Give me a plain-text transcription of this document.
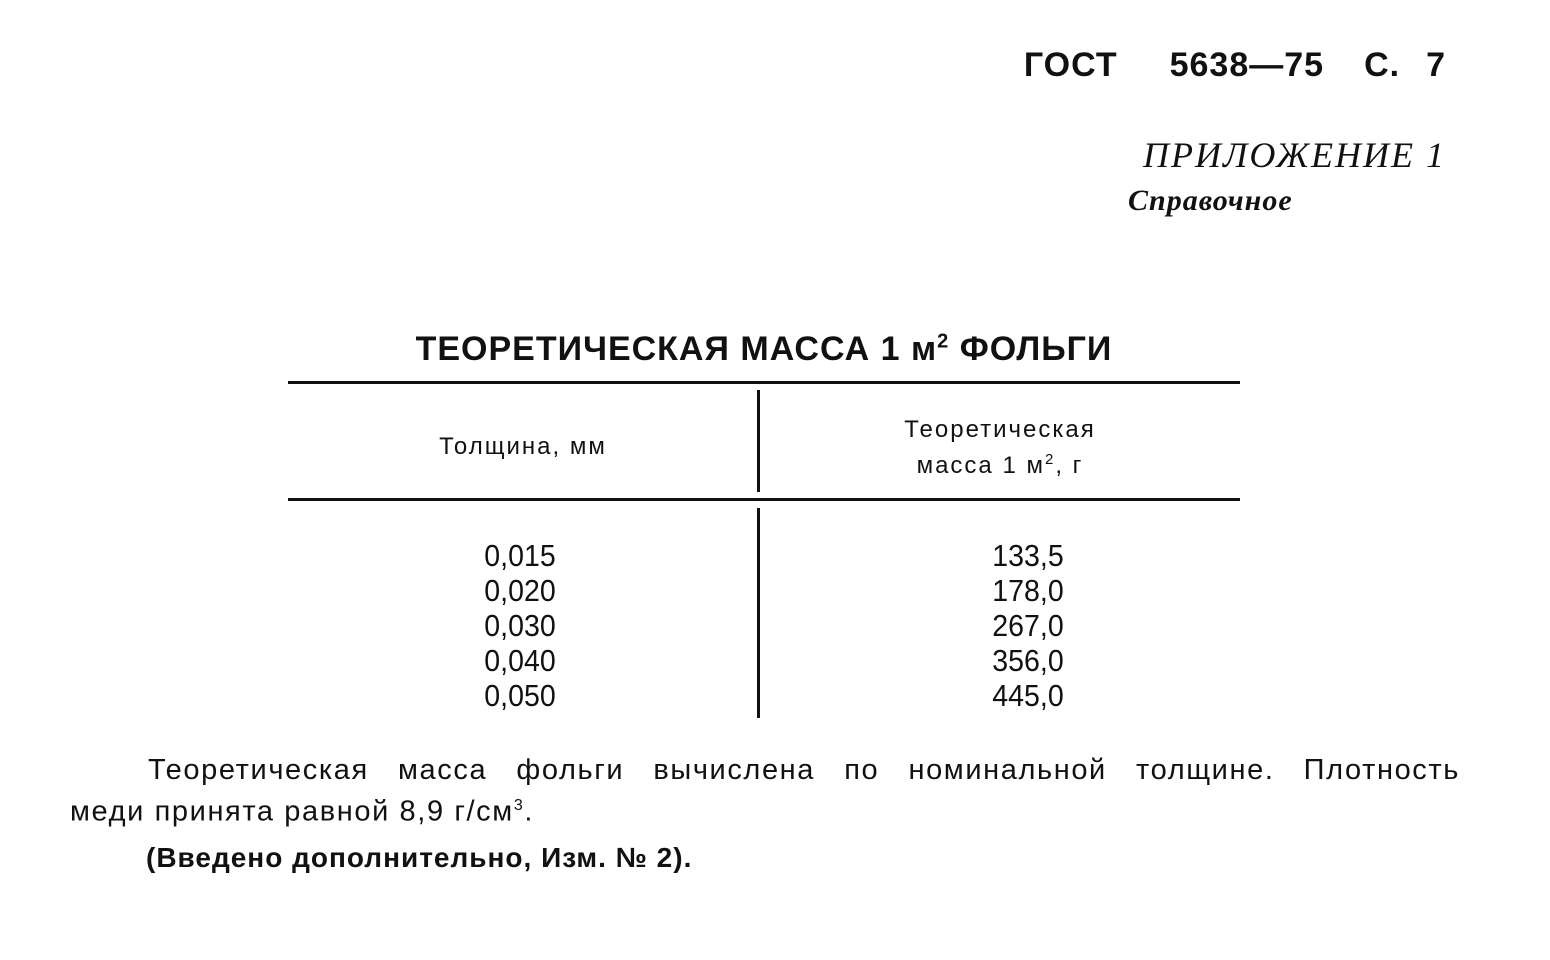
ГОСТ 5638—75 С. 7
ПРИЛОЖЕНИЕ 1
Справочное
ТЕОРЕТИЧЕСКАЯ МАССА 1 $м^2$ ФОЛЬГИ
Толщина, мм
Теоретическая
масса 1 $м^2$, г
0,015
0,020
0,030
0,040
0,050
133,5
178,0
267,0
356,0
445,0
Теоретическая масса фольги вычислена по номинальной толщине. Плотность
меди принята равной 8,9 $г/см^3$.
(Введено дополнительно, Изм. № 2).
